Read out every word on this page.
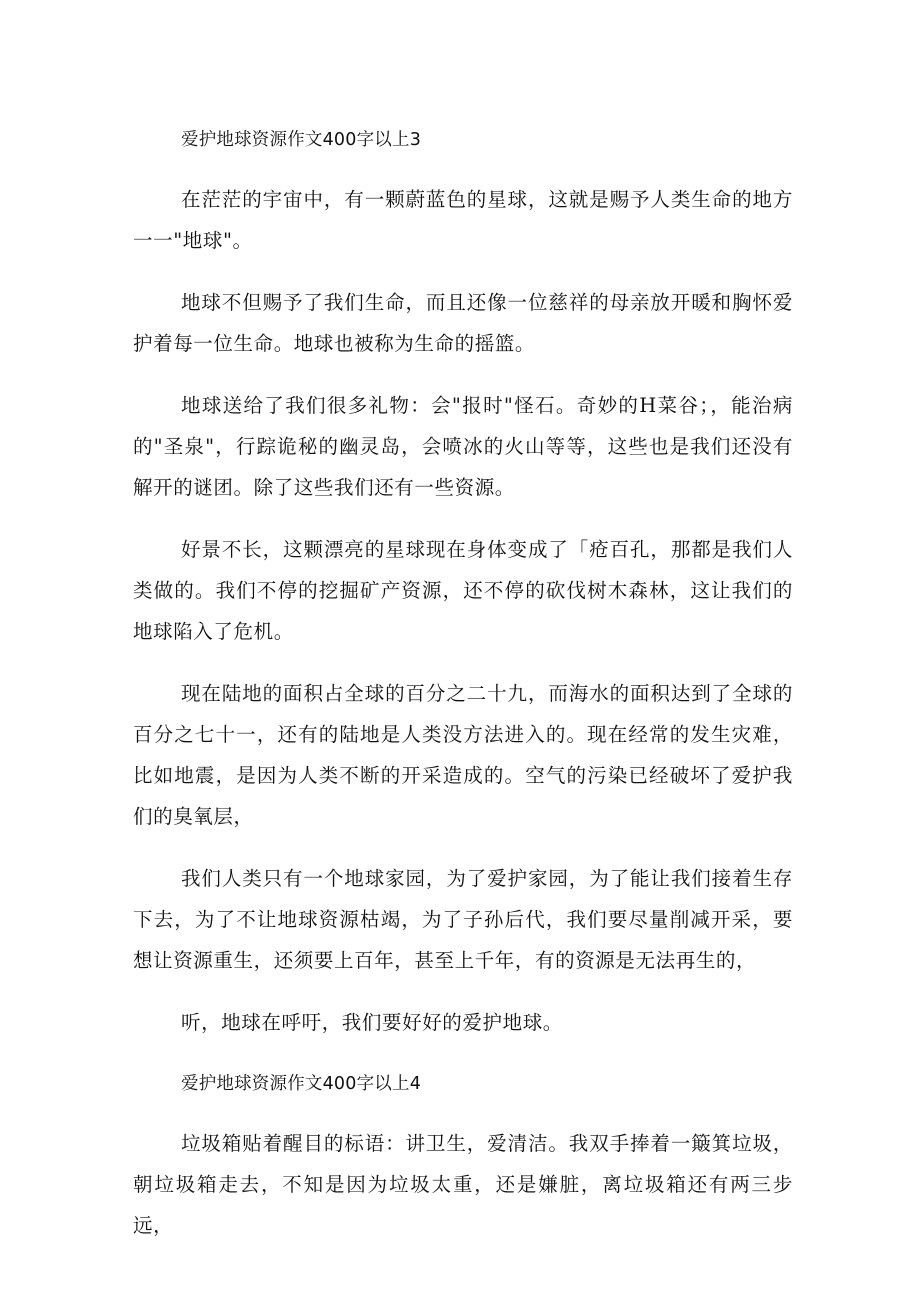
爱护地球资源作文400字以上3

在茫茫的宇宙中，有一颗蔚蓝色的星球，这就是赐予人类生命的地方一一"地球"。

地球不但赐予了我们生命，而且还像一位慈祥的母亲放开暖和胸怀爱护着每一位生命。地球也被称为生命的摇篮。

地球送给了我们很多礼物：会"报时"怪石。奇妙的H菜谷；，能治病的"圣泉"，行踪诡秘的幽灵岛，会喷冰的火山等等，这些也是我们还没有解开的谜团。除了这些我们还有一些资源。

好景不长，这颗漂亮的星球现在身体变成了「疮百孔，那都是我们人类做的。我们不停的挖掘矿产资源，还不停的砍伐树木森林，这让我们的地球陷入了危机。

现在陆地的面积占全球的百分之二十九，而海水的面积达到了全球的百分之七十一，还有的陆地是人类没方法进入的。现在经常的发生灾难，比如地震，是因为人类不断的开采造成的。空气的污染已经破坏了爱护我们的臭氧层，

我们人类只有一个地球家园，为了爱护家园，为了能让我们接着生存下去，为了不让地球资源枯竭，为了子孙后代，我们要尽量削减开采，要想让资源重生，还须要上百年，甚至上千年，有的资源是无法再生的，

听，地球在呼吁，我们要好好的爱护地球。

爱护地球资源作文400字以上4

垃圾箱贴着醒目的标语：讲卫生，爱清洁。我双手捧着一簸箕垃圾，朝垃圾箱走去，不知是因为垃圾太重，还是嫌脏，离垃圾箱还有两三步远，
